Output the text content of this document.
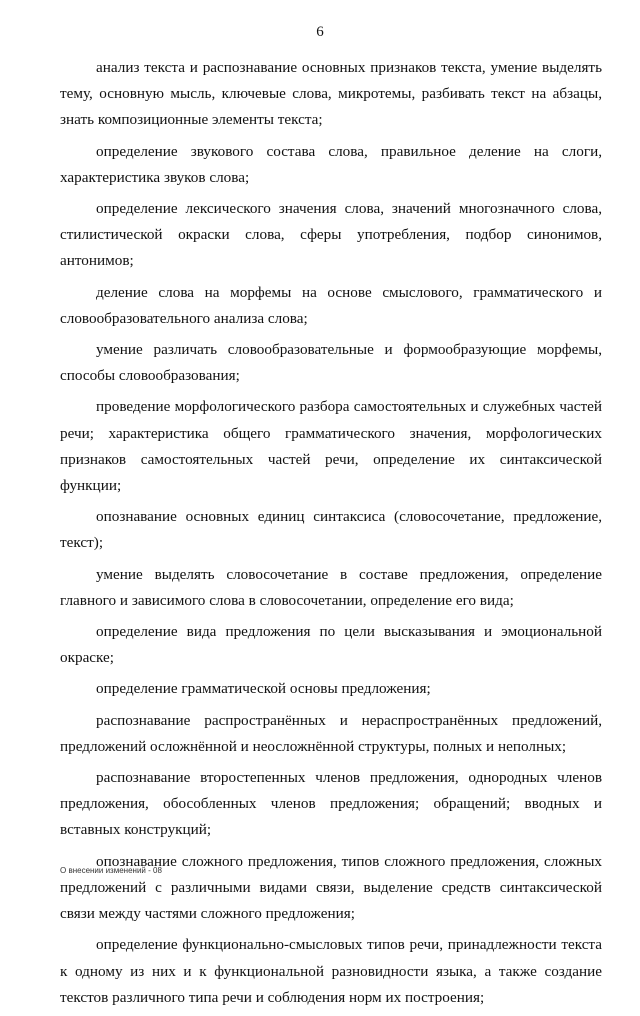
6

анализ текста и распознавание основных признаков текста, умение выделять тему, основную мысль, ключевые слова, микротемы, разбивать текст на абзацы, знать композиционные элементы текста;

определение звукового состава слова, правильное деление на слоги, характеристика звуков слова;

определение лексического значения слова, значений многозначного слова, стилистической окраски слова, сферы употребления, подбор синонимов, антонимов;

деление слова на морфемы на основе смыслового, грамматического и словообразовательного анализа слова;

умение различать словообразовательные и формообразующие морфемы, способы словообразования;

проведение морфологического разбора самостоятельных и служебных частей речи; характеристика общего грамматического значения, морфологических признаков самостоятельных частей речи, определение их синтаксической функции;

опознавание основных единиц синтаксиса (словосочетание, предложение, текст);

умение выделять словосочетание в составе предложения, определение главного и зависимого слова в словосочетании, определение его вида;

определение вида предложения по цели высказывания и эмоциональной окраске;

определение грамматической основы предложения;

распознавание распространённых и нераспространённых предложений, предложений осложнённой и неосложнённой структуры, полных и неполных;

распознавание второстепенных членов предложения, однородных членов предложения, обособленных членов предложения; обращений; вводных и вставных конструкций;

опознавание сложного предложения, типов сложного предложения, сложных предложений с различными видами связи, выделение средств синтаксической связи между частями сложного предложения;

определение функционально-смысловых типов речи, принадлежности текста к одному из них и к функциональной разновидности языка, а также создание текстов различного типа речи и соблюдения норм их построения;

О внесении изменений - 08
